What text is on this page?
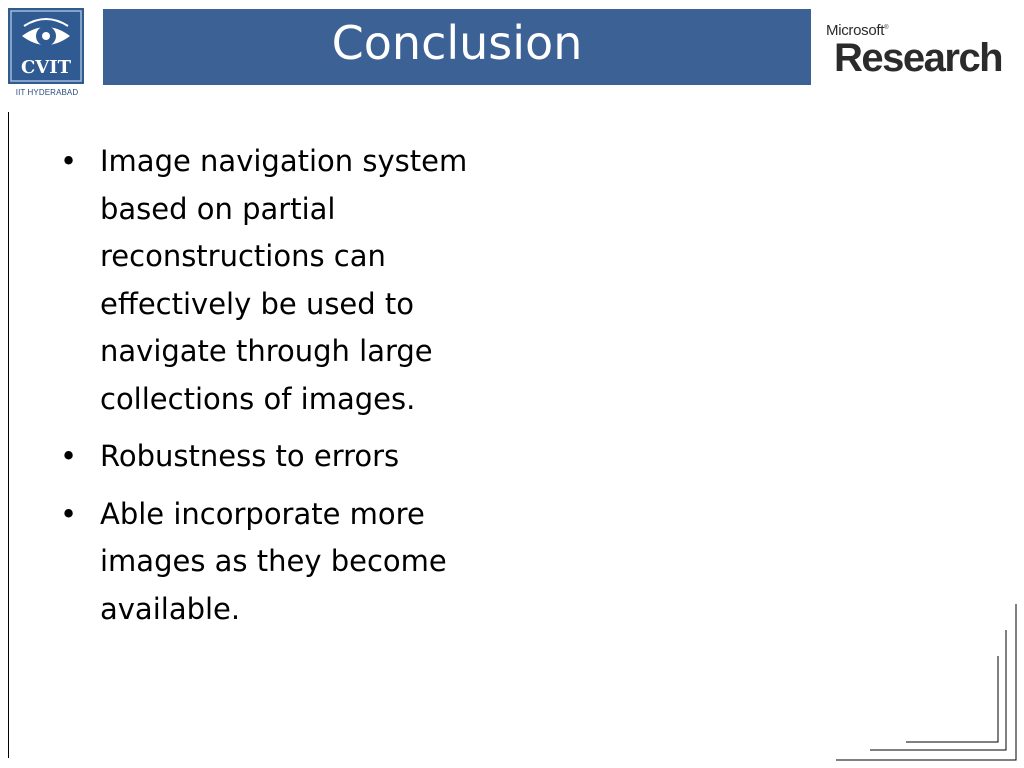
CVIT
IIT HYDERABAD
Conclusion	Microsoft®
Research
• Image navigation system based on partial reconstructions can effectively be used to navigate through large collections of images.
• Robustness to errors
• Able incorporate more images as they become available.
